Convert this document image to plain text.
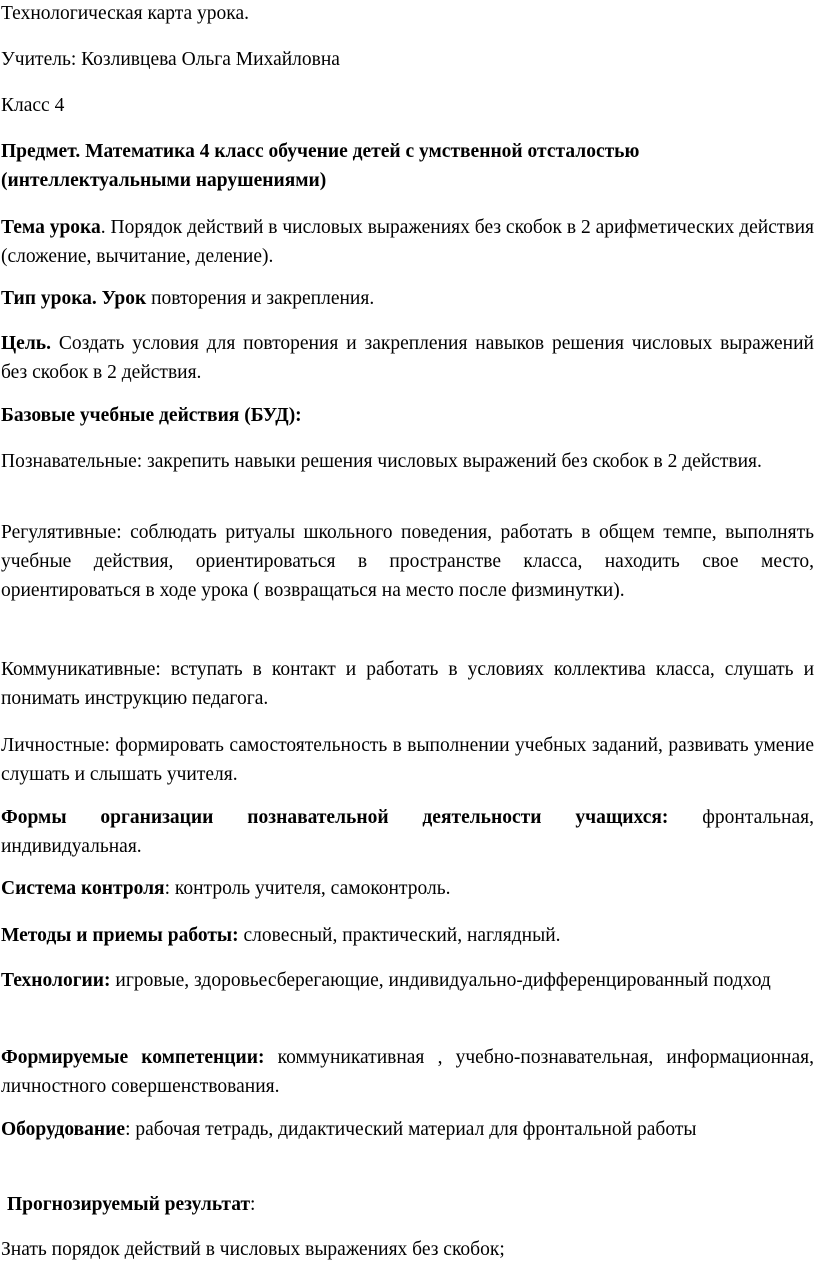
Технологическая карта урока.

Учитель: Козливцева Ольга Михайловна

Класс 4

Предмет. Математика 4 класс обучение детей с умственной отсталостью (интеллектуальными нарушениями)

Тема урока. Порядок действий в числовых выражениях без скобок в 2 арифметических действия (сложение, вычитание, деление).

Тип урока. Урок повторения и закрепления.

Цель. Создать условия для повторения и закрепления навыков решения числовых выражений без скобок в 2 действия.

Базовые учебные действия (БУД):

Познавательные: закрепить навыки решения числовых выражений без скобок в 2 действия.

Регулятивные: соблюдать ритуалы школьного поведения, работать в общем темпе, выполнять учебные действия, ориентироваться в пространстве класса, находить свое место, ориентироваться в ходе урока ( возвращаться на место после физминутки).

Коммуникативные: вступать в контакт и работать в условиях коллектива класса, слушать и понимать инструкцию педагога.

Личностные: формировать самостоятельность в выполнении учебных заданий, развивать умение слушать и слышать учителя.

Формы организации познавательной деятельности учащихся: фронтальная, индивидуальная.

Система контроля: контроль учителя, самоконтроль.

Методы и приемы работы: словесный, практический, наглядный.

Технологии: игровые, здоровьесберегающие, индивидуально-дифференцированный подход

Формируемые компетенции: коммуникативная , учебно-познавательная, информационная, личностного совершенствования.

Оборудование: рабочая тетрадь, дидактический материал для фронтальной работы

Прогнозируемый результат:

Знать порядок действий в числовых выражениях без скобок;
